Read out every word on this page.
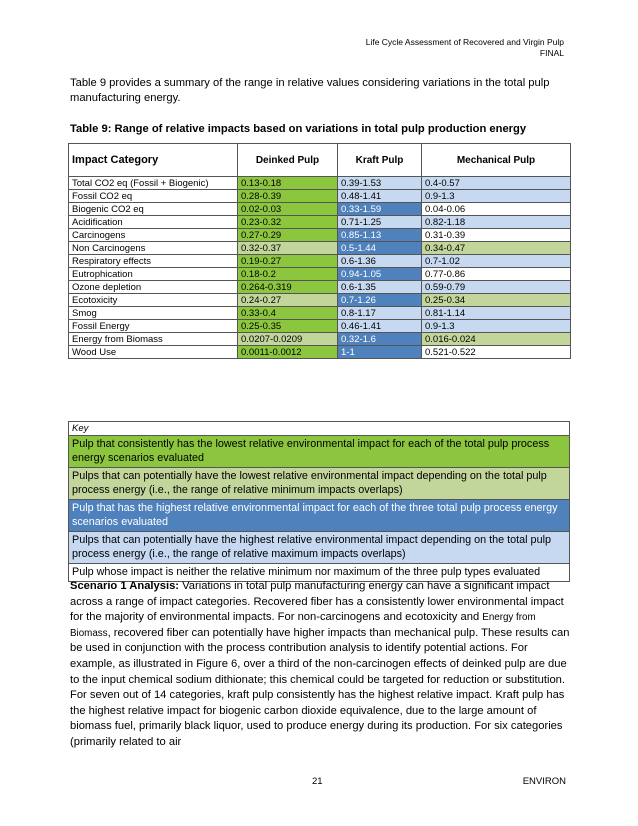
Life Cycle Assessment of Recovered and Virgin Pulp
FINAL
Table 9 provides a summary of the range in relative values considering variations in the total pulp manufacturing energy.
Table 9: Range of relative impacts based on variations in total pulp production energy
Impact Category	Deinked Pulp	Kraft Pulp	Mechanical Pulp
Total CO2 eq (Fossil + Biogenic)	0.13-0.18	0.39-1.53	0.4-0.57
Fossil CO2 eq	0.28-0.39	0.48-1.41	0.9-1.3
Biogenic CO2 eq	0.02-0.03	0.33-1.59	0.04-0.06
Acidification	0.23-0.32	0.71-1.25	0.82-1.18
Carcinogens	0.27-0.29	0.85-1.13	0.31-0.39
Non Carcinogens	0.32-0.37	0.5-1.44	0.34-0.47
Respiratory effects	0.19-0.27	0.6-1.36	0.7-1.02
Eutrophication	0.18-0.2	0.94-1.05	0.77-0.86
Ozone depletion	0.264-0.319	0.6-1.35	0.59-0.79
Ecotoxicity	0.24-0.27	0.7-1.26	0.25-0.34
Smog	0.33-0.4	0.8-1.17	0.81-1.14
Fossil Energy	0.25-0.35	0.46-1.41	0.9-1.3
Energy from Biomass	0.0207-0.0209	0.32-1.6	0.016-0.024
Wood Use	0.0011-0.0012	1-1	0.521-0.522
Key
Pulp that consistently has the lowest relative environmental impact for each of the total pulp process energy scenarios evaluated
Pulps that can potentially have the lowest relative environmental impact depending on the total pulp process energy (i.e., the range of relative minimum impacts overlaps)
Pulp that has the highest relative environmental impact for each of the three total pulp process energy scenarios evaluated
Pulps that can potentially have the highest relative environmental impact depending on the total pulp process energy (i.e., the range of relative maximum impacts overlaps)
Pulp whose impact is neither the relative minimum nor maximum of the three pulp types evaluated
Scenario 1 Analysis: Variations in total pulp manufacturing energy can have a significant impact across a range of impact categories. Recovered fiber has a consistently lower environmental impact for the majority of environmental impacts. For non-carcinogens and ecotoxicity and Energy from Biomass, recovered fiber can potentially have higher impacts than mechanical pulp. These results can be used in conjunction with the process contribution analysis to identify potential actions. For example, as illustrated in Figure 6, over a third of the non-carcinogen effects of deinked pulp are due to the input chemical sodium dithionate; this chemical could be targeted for reduction or substitution. For seven out of 14 categories, kraft pulp consistently has the highest relative impact. Kraft pulp has the highest relative impact for biogenic carbon dioxide equivalence, due to the large amount of biomass fuel, primarily black liquor, used to produce energy during its production. For six categories (primarily related to air
21	ENVIRON
